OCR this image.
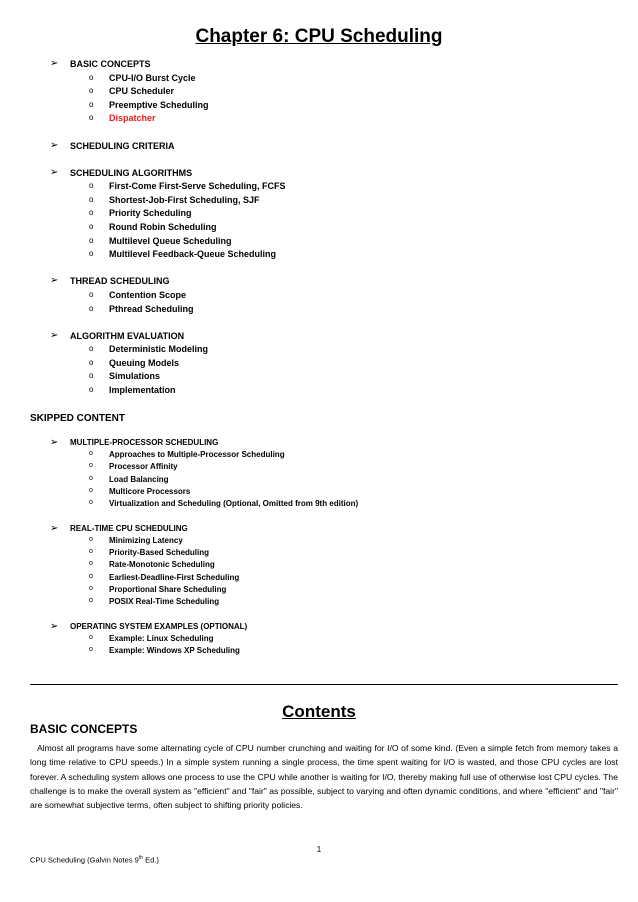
Chapter 6: CPU Scheduling
➢ BASIC CONCEPTS
o CPU-I/O Burst Cycle
o CPU Scheduler
o Preemptive Scheduling
o Dispatcher
➢ SCHEDULING CRITERIA
➢ SCHEDULING ALGORITHMS
o First-Come First-Serve Scheduling, FCFS
o Shortest-Job-First Scheduling, SJF
o Priority Scheduling
o Round Robin Scheduling
o Multilevel Queue Scheduling
o Multilevel Feedback-Queue Scheduling
➢ THREAD SCHEDULING
o Contention Scope
o Pthread Scheduling
➢ ALGORITHM EVALUATION
o Deterministic Modeling
o Queuing Models
o Simulations
o Implementation
SKIPPED CONTENT
➢ MULTIPLE-PROCESSOR SCHEDULING
o Approaches to Multiple-Processor Scheduling
o Processor Affinity
o Load Balancing
o Multicore Processors
o Virtualization and Scheduling (Optional, Omitted from 9th edition)
➢ REAL-TIME CPU SCHEDULING
o Minimizing Latency
o Priority-Based Scheduling
o Rate-Monotonic Scheduling
o Earliest-Deadline-First Scheduling
o Proportional Share Scheduling
o POSIX Real-Time Scheduling
➢ OPERATING SYSTEM EXAMPLES (OPTIONAL)
o Example: Linux Scheduling
o Example: Windows XP Scheduling
Contents
BASIC CONCEPTS
Almost all programs have some alternating cycle of CPU number crunching and waiting for I/O of some kind. (Even a simple fetch from memory takes a long time relative to CPU speeds.) In a simple system running a single process, the time spent waiting for I/O is wasted, and those CPU cycles are lost forever. A scheduling system allows one process to use the CPU while another is waiting for I/O, thereby making full use of otherwise lost CPU cycles. The challenge is to make the overall system as "efficient" and "fair" as possible, subject to varying and often dynamic conditions, and where "efficient" and "fair" are somewhat subjective terms, often subject to shifting priority policies.
1
CPU Scheduling (Galvin Notes 9th Ed.)
